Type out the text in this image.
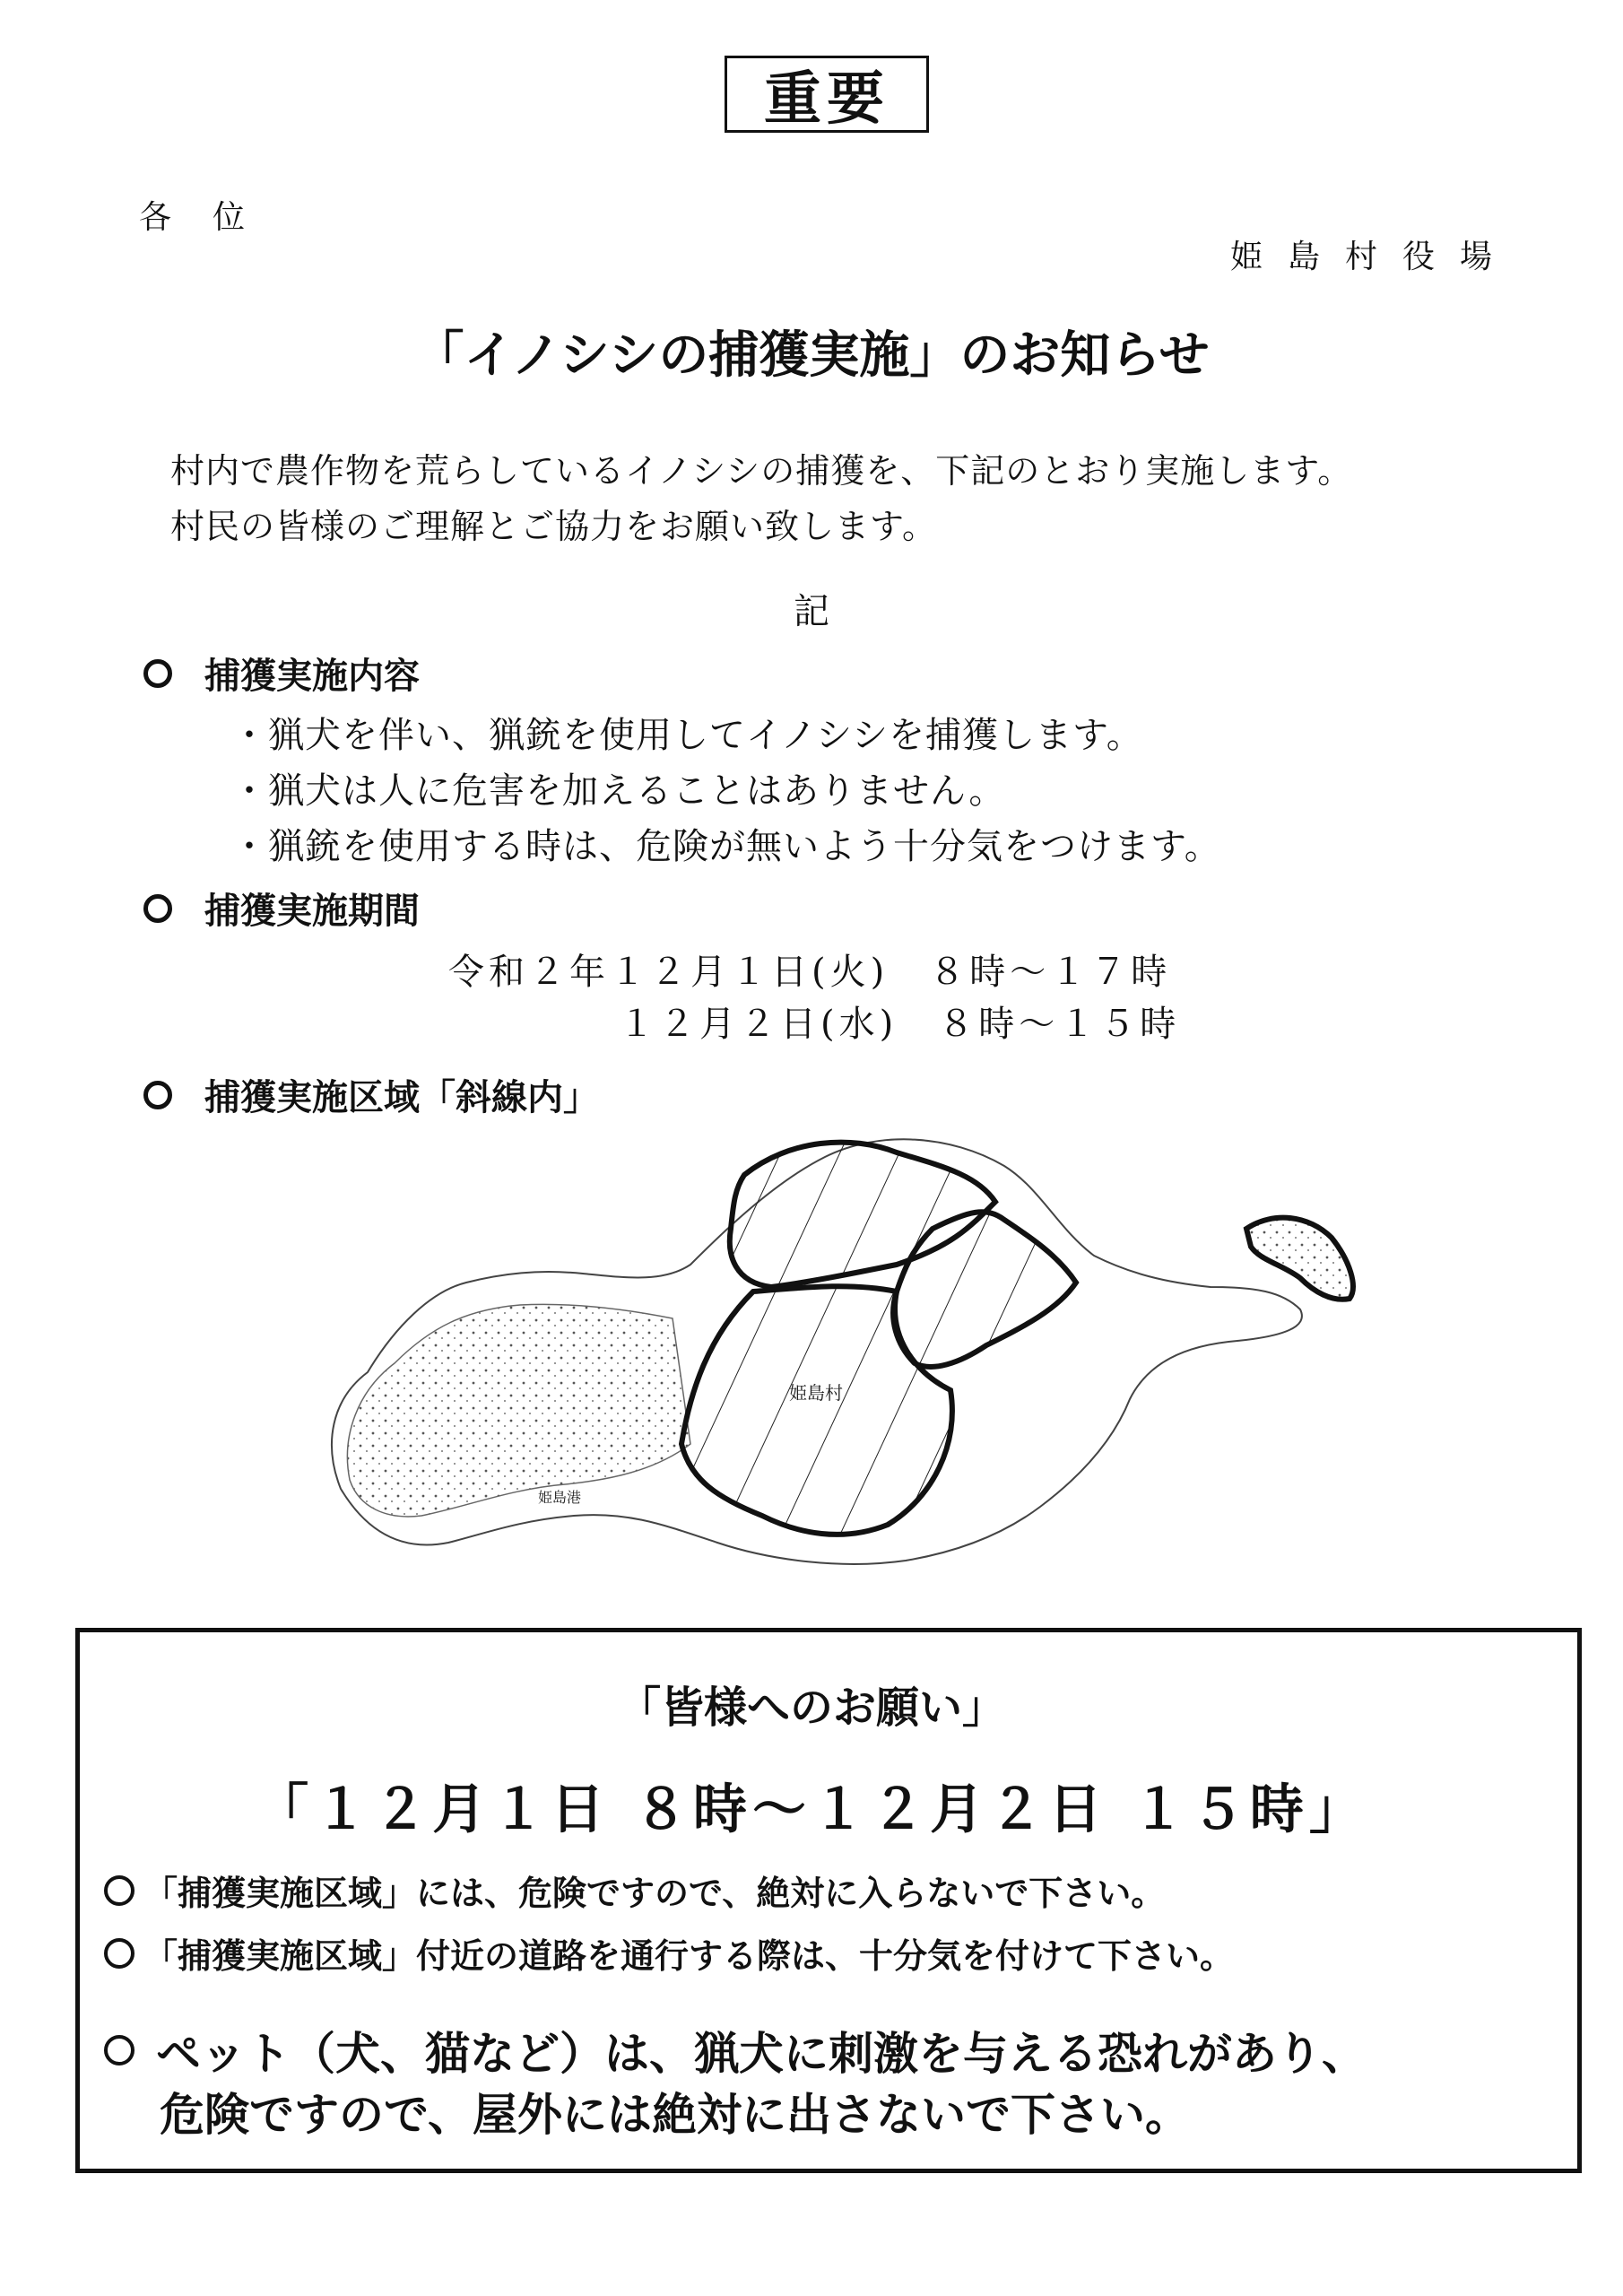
重要
各位
姫島村役場
「イノシシの捕獲実施」のお知らせ
村内で農作物を荒らしているイノシシの捕獲を、下記のとおり実施します。
村民の皆様のご理解とご協力をお願い致します。
記
捕獲実施内容
・猟犬を伴い、猟銃を使用してイノシシを捕獲します。
・猟犬は人に危害を加えることはありません。
・猟銃を使用する時は、危険が無いよう十分気をつけます。
捕獲実施期間
令和２年１２月１日(火)　８時～１７時
１２月２日(水)　８時～１５時
捕獲実施区域「斜線内」
姫島村
姫島港
「皆様へのお願い」
「１２月１日 ８時～１２月２日 １５時」
「捕獲実施区域」には、危険ですので、絶対に入らないで下さい。
「捕獲実施区域」付近の道路を通行する際は、十分気を付けて下さい。
ペット（犬、猫など）は、猟犬に刺激を与える恐れがあり、
危険ですので、屋外には絶対に出さないで下さい。
